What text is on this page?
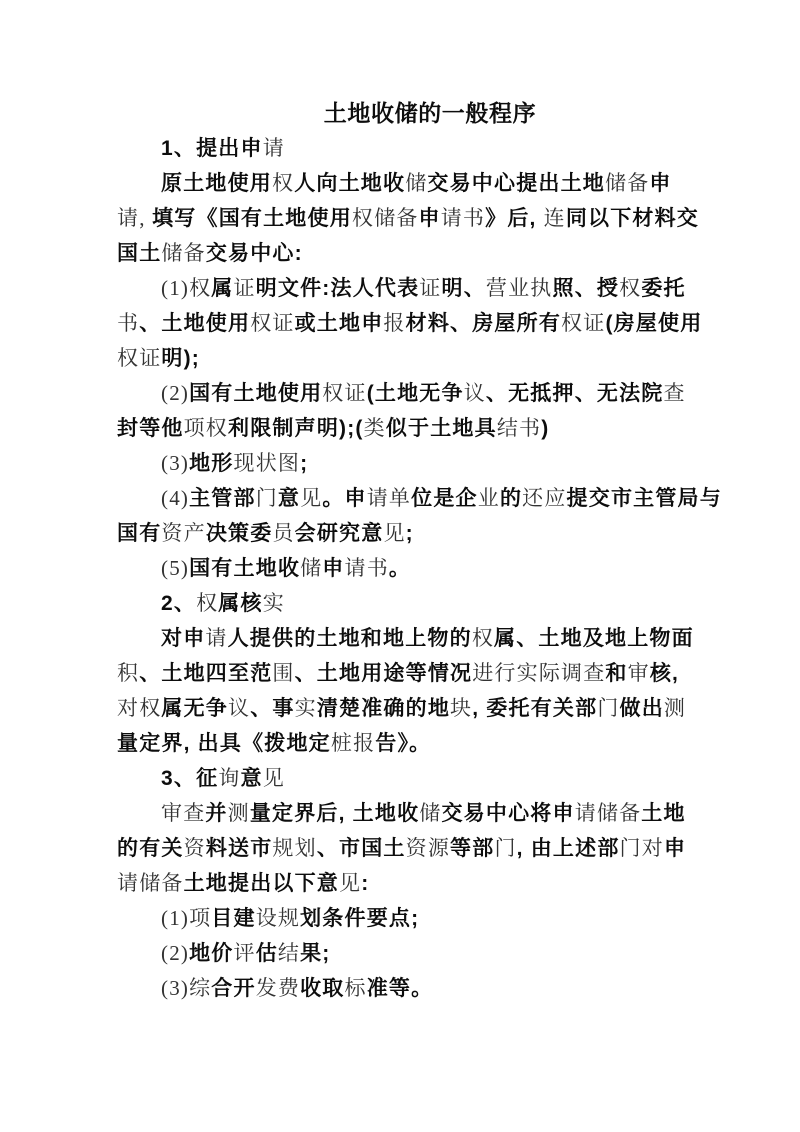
土地收储的一般程序
1、提出申请
原土地使用权人向土地收储交易中心提出土地储备申
请, 填写《国有土地使用权储备申请书》后, 连同以下材料交
国土储备交易中心:
(1)权属证明文件:法人代表证明、营业执照、授权委托
书、土地使用权证或土地申报材料、房屋所有权证(房屋使用
权证明);
(2)国有土地使用权证(土地无争议、无抵押、无法院查
封等他项权利限制声明);(类似于土地具结书)
(3)地形现状图;
(4)主管部门意见。申请单位是企业的还应提交市主管局与
国有资产决策委员会研究意见;
(5)国有土地收储申请书。
2、权属核实
对申请人提供的土地和地上物的权属、土地及地上物面
积、土地四至范围、土地用途等情况进行实际调查和审核,
对权属无争议、事实清楚准确的地块, 委托有关部门做出测
量定界, 出具《拨地定桩报告》。
3、征询意见
审查并测量定界后, 土地收储交易中心将申请储备土地
的有关资料送市规划、市国土资源等部门, 由上述部门对申
请储备土地提出以下意见:
(1)项目建设规划条件要点;
(2)地价评估结果;
(3)综合开发费收取标准等。
